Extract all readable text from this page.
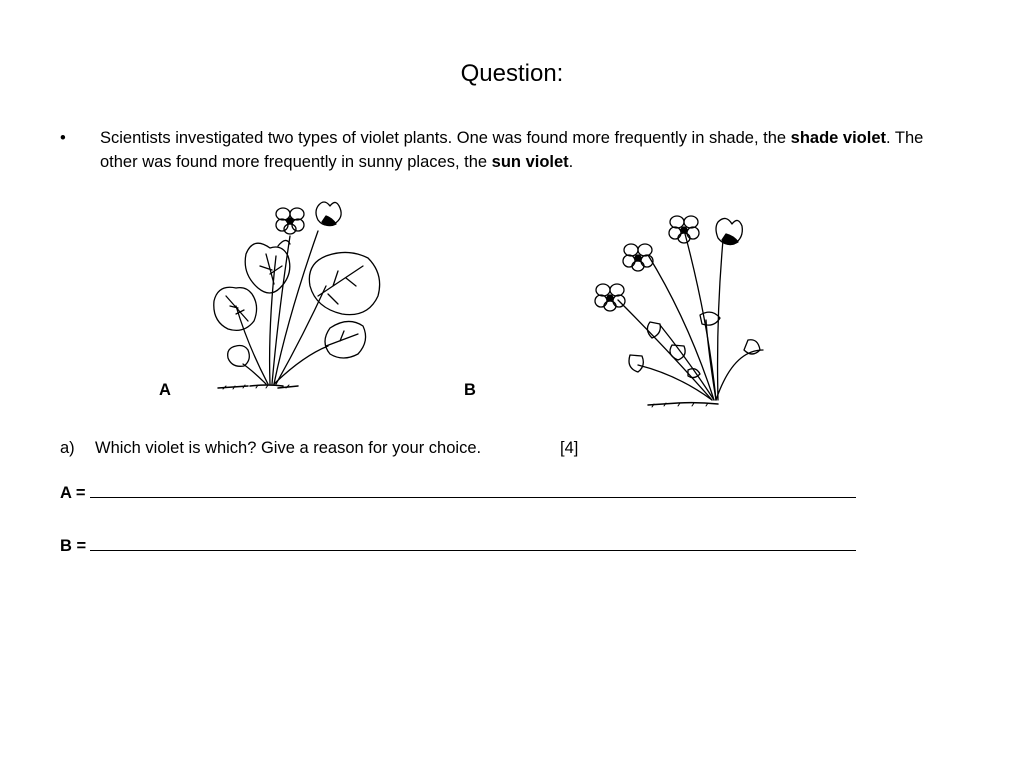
Question:
• Scientists investigated two types of violet plants. One was found more frequently in shade, the shade violet. The other was found more frequently in sunny places, the sun violet.
A	B
a) Which violet is which? Give a reason for your choice.	[4]
A =
B =
